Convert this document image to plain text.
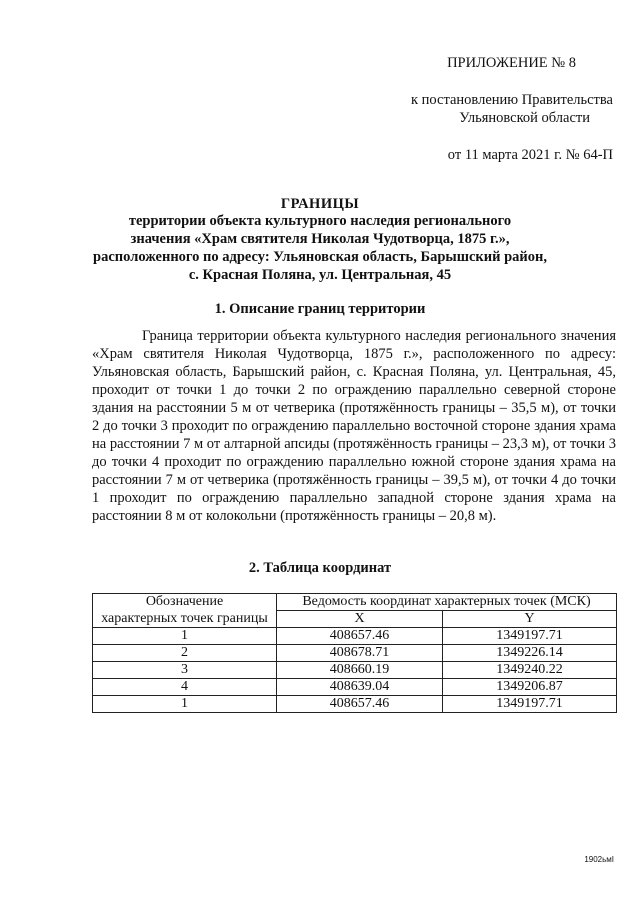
ПРИЛОЖЕНИЕ № 8
к постановлению Правительства
Ульяновской области
от 11 марта 2021 г. № 64-П
ГРАНИЦЫ
территории объекта культурного наследия регионального
значения «Храм святителя Николая Чудотворца, 1875 г.»,
расположенного по адресу: Ульяновская область, Барышский район,
с. Красная Поляна, ул. Центральная, 45
1. Описание границ территории
Граница территории объекта культурного наследия регионального значения «Храм святителя Николая Чудотворца, 1875 г.», расположенного по адресу: Ульяновская область, Барышский район, с. Красная Поляна, ул. Центральная, 45, проходит от точки 1 до точки 2 по ограждению параллельно северной стороне здания на расстоянии 5 м от четверика (протяжённость границы – 35,5 м), от точки 2 до точки 3 проходит по ограждению параллельно восточной стороне здания храма на расстоянии 7 м от алтарной апсиды (протяжённость границы – 23,3 м), от точки 3 до точки 4 проходит по ограждению параллельно южной стороне здания храма на расстоянии 7 м от четверика (протяжённость границы – 39,5 м), от точки 4 до точки 1 проходит по ограждению параллельно западной стороне здания храма на расстоянии 8 м от колокольни (протяжённость границы – 20,8 м).
2. Таблица координат
Обозначение	Ведомость координат характерных точек (МСК)	
характерных точек границы	X	Y
1	408657.46	1349197.71
2	408678.71	1349226.14
3	408660.19	1349240.22
4	408639.04	1349206.87
1	408657.46	1349197.71
1902ьмI
